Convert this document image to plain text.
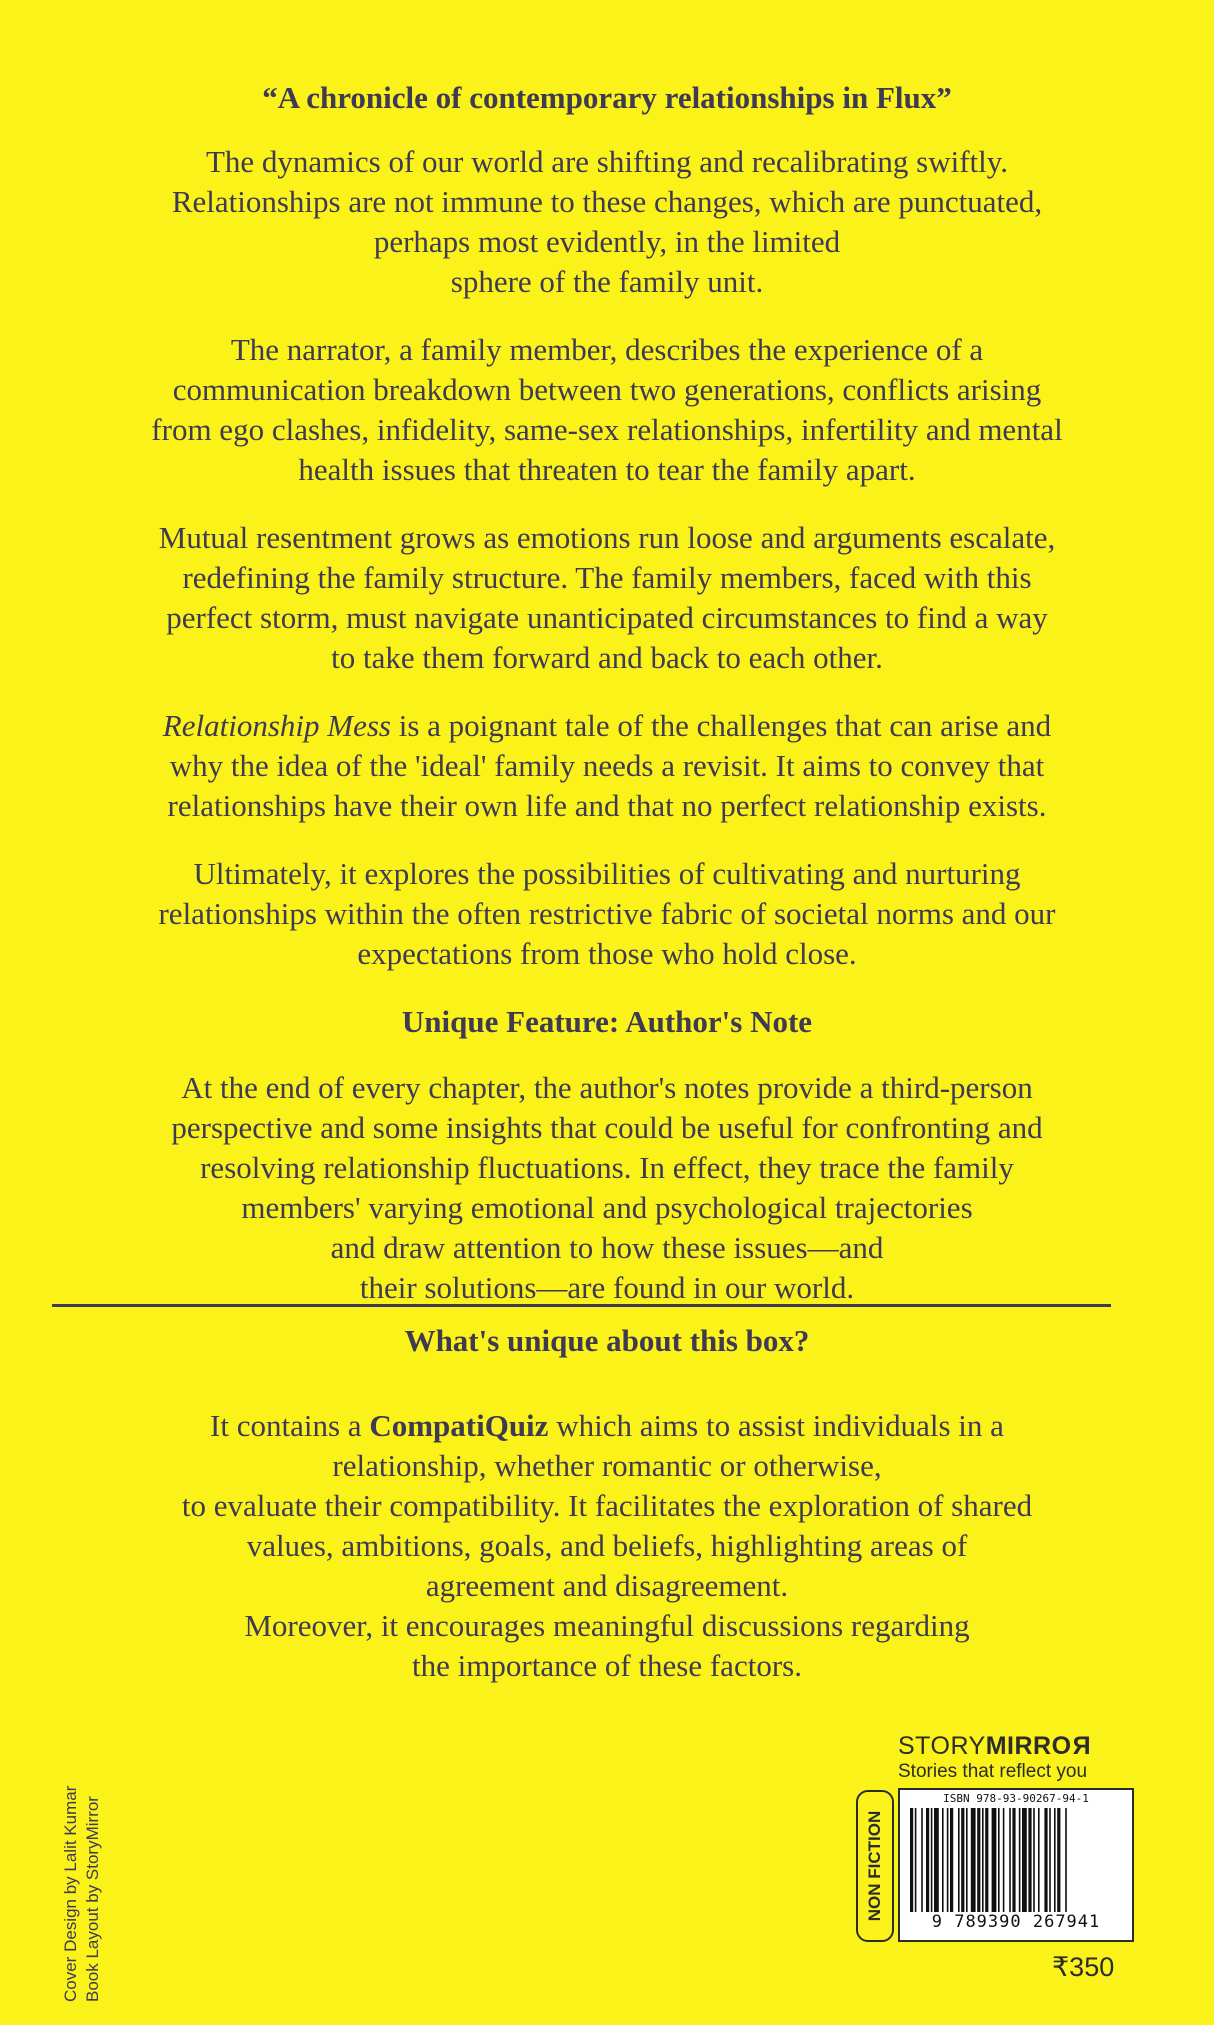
“A chronicle of contemporary relationships in Flux”

The dynamics of our world are shifting and recalibrating swiftly.
Relationships are not immune to these changes, which are punctuated,
perhaps most evidently, in the limited
sphere of the family unit.

The narrator, a family member, describes the experience of a
communication breakdown between two generations, conflicts arising
from ego clashes, infidelity, same-sex relationships, infertility and mental
health issues that threaten to tear the family apart.

Mutual resentment grows as emotions run loose and arguments escalate,
redefining the family structure. The family members, faced with this
perfect storm, must navigate unanticipated circumstances to find a way
to take them forward and back to each other.

Relationship Mess is a poignant tale of the challenges that can arise and
why the idea of the 'ideal' family needs a revisit. It aims to convey that
relationships have their own life and that no perfect relationship exists.

Ultimately, it explores the possibilities of cultivating and nurturing
relationships within the often restrictive fabric of societal norms and our
expectations from those who hold close.

Unique Feature: Author's Note

At the end of every chapter, the author's notes provide a third-person
perspective and some insights that could be useful for confronting and
resolving relationship fluctuations. In effect, they trace the family
members' varying emotional and psychological trajectories
and draw attention to how these issues—and
their solutions—are found in our world.

What's unique about this box?

It contains a CompatiQuiz which aims to assist individuals in a
relationship, whether romantic or otherwise,
to evaluate their compatibility. It facilitates the exploration of shared
values, ambitions, goals, and beliefs, highlighting areas of
agreement and disagreement.
Moreover, it encourages meaningful discussions regarding
the importance of these factors.

Cover Design by Lalit Kumar Book Layout by StoryMirror
STORYMIRROR
Stories that reflect you
NON FICTION
ISBN 978-93-90267-94-1
9 789390 267941
₹350
